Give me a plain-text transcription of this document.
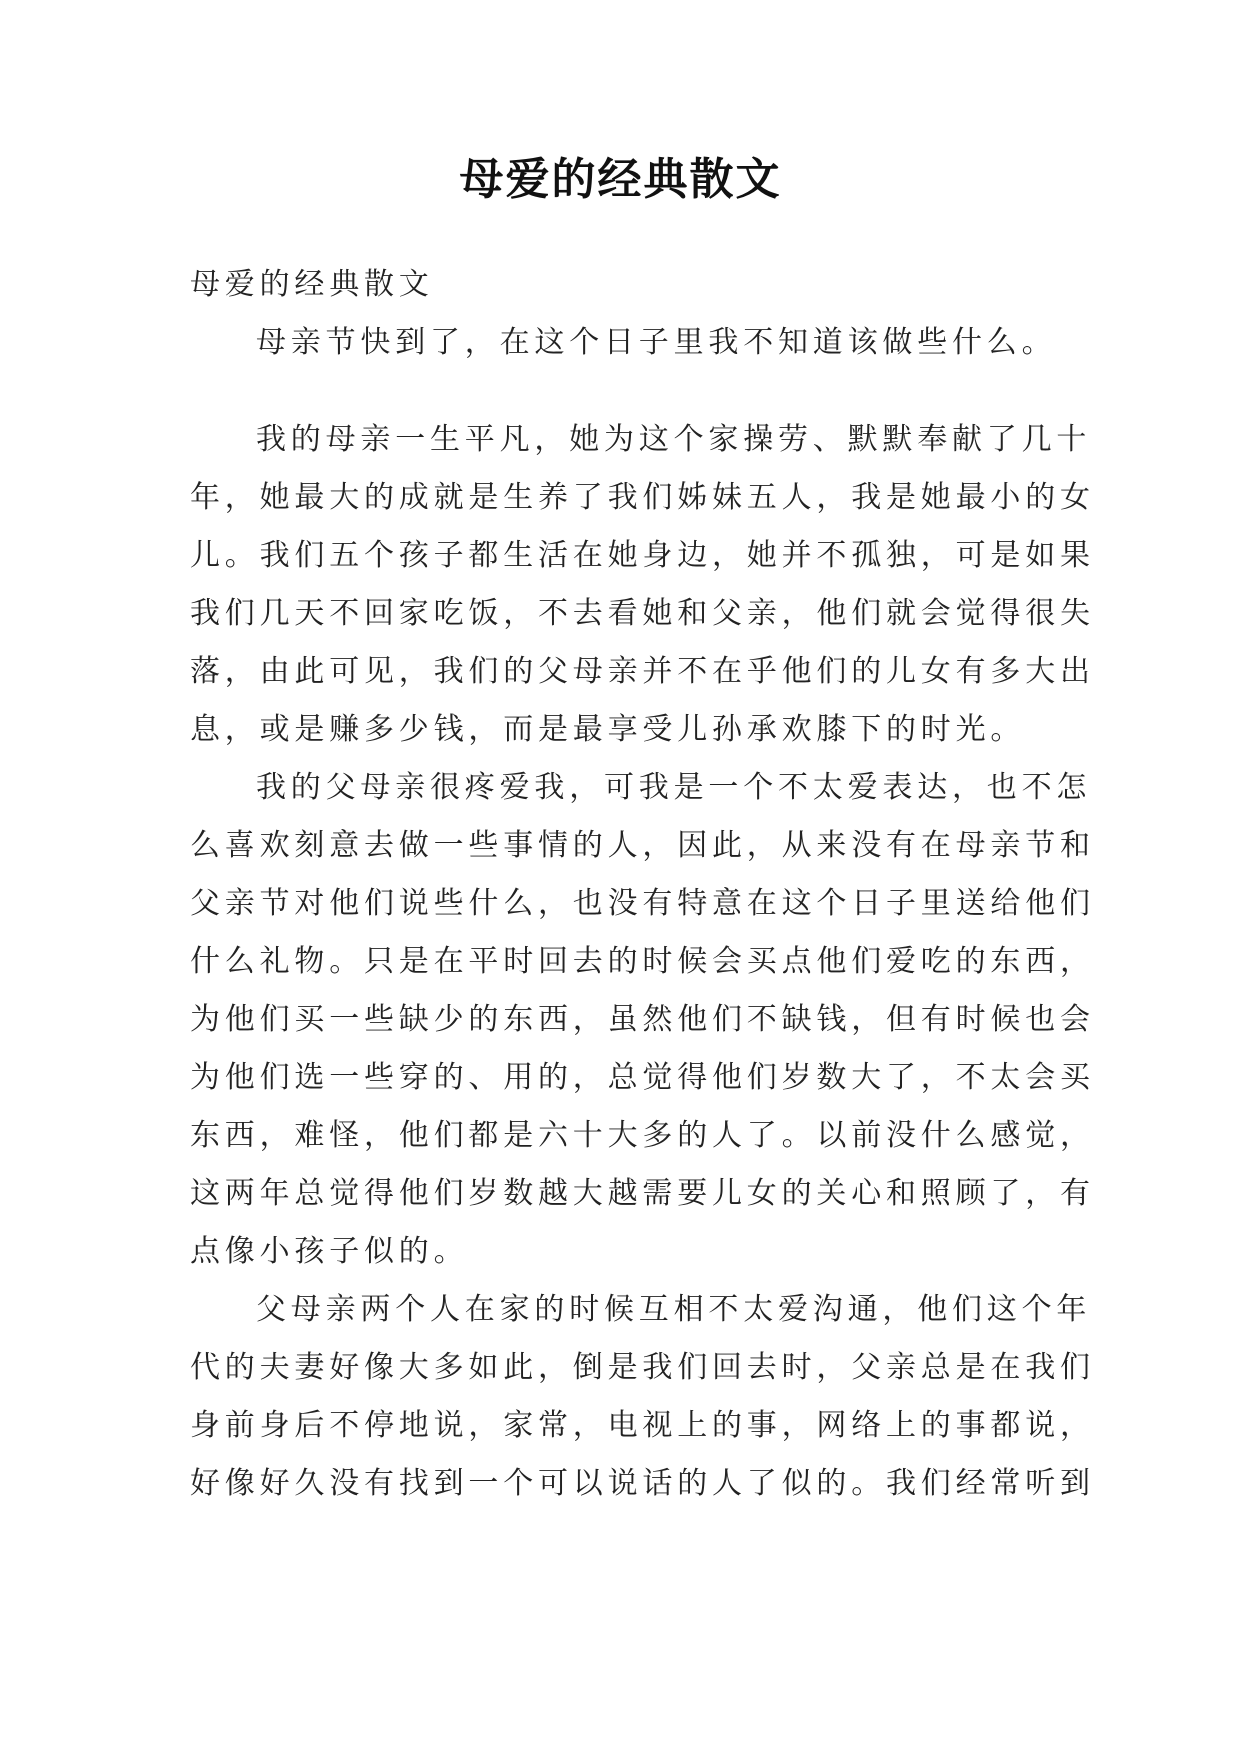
母爱的经典散文
母爱的经典散文
母亲节快到了，在这个日子里我不知道该做些什么。
我的母亲一生平凡，她为这个家操劳、默默奉献了几十
年，她最大的成就是生养了我们姊妹五人，我是她最小的女
儿。我们五个孩子都生活在她身边，她并不孤独，可是如果
我们几天不回家吃饭，不去看她和父亲，他们就会觉得很失
落，由此可见，我们的父母亲并不在乎他们的儿女有多大出
息，或是赚多少钱，而是最享受儿孙承欢膝下的时光。
我的父母亲很疼爱我，可我是一个不太爱表达，也不怎
么喜欢刻意去做一些事情的人，因此，从来没有在母亲节和
父亲节对他们说些什么，也没有特意在这个日子里送给他们
什么礼物。只是在平时回去的时候会买点他们爱吃的东西，
为他们买一些缺少的东西，虽然他们不缺钱，但有时候也会
为他们选一些穿的、用的，总觉得他们岁数大了，不太会买
东西，难怪，他们都是六十大多的人了。以前没什么感觉，
这两年总觉得他们岁数越大越需要儿女的关心和照顾了，有
点像小孩子似的。
父母亲两个人在家的时候互相不太爱沟通，他们这个年
代的夫妻好像大多如此，倒是我们回去时，父亲总是在我们
身前身后不停地说，家常，电视上的事，网络上的事都说，
好像好久没有找到一个可以说话的人了似的。我们经常听到
